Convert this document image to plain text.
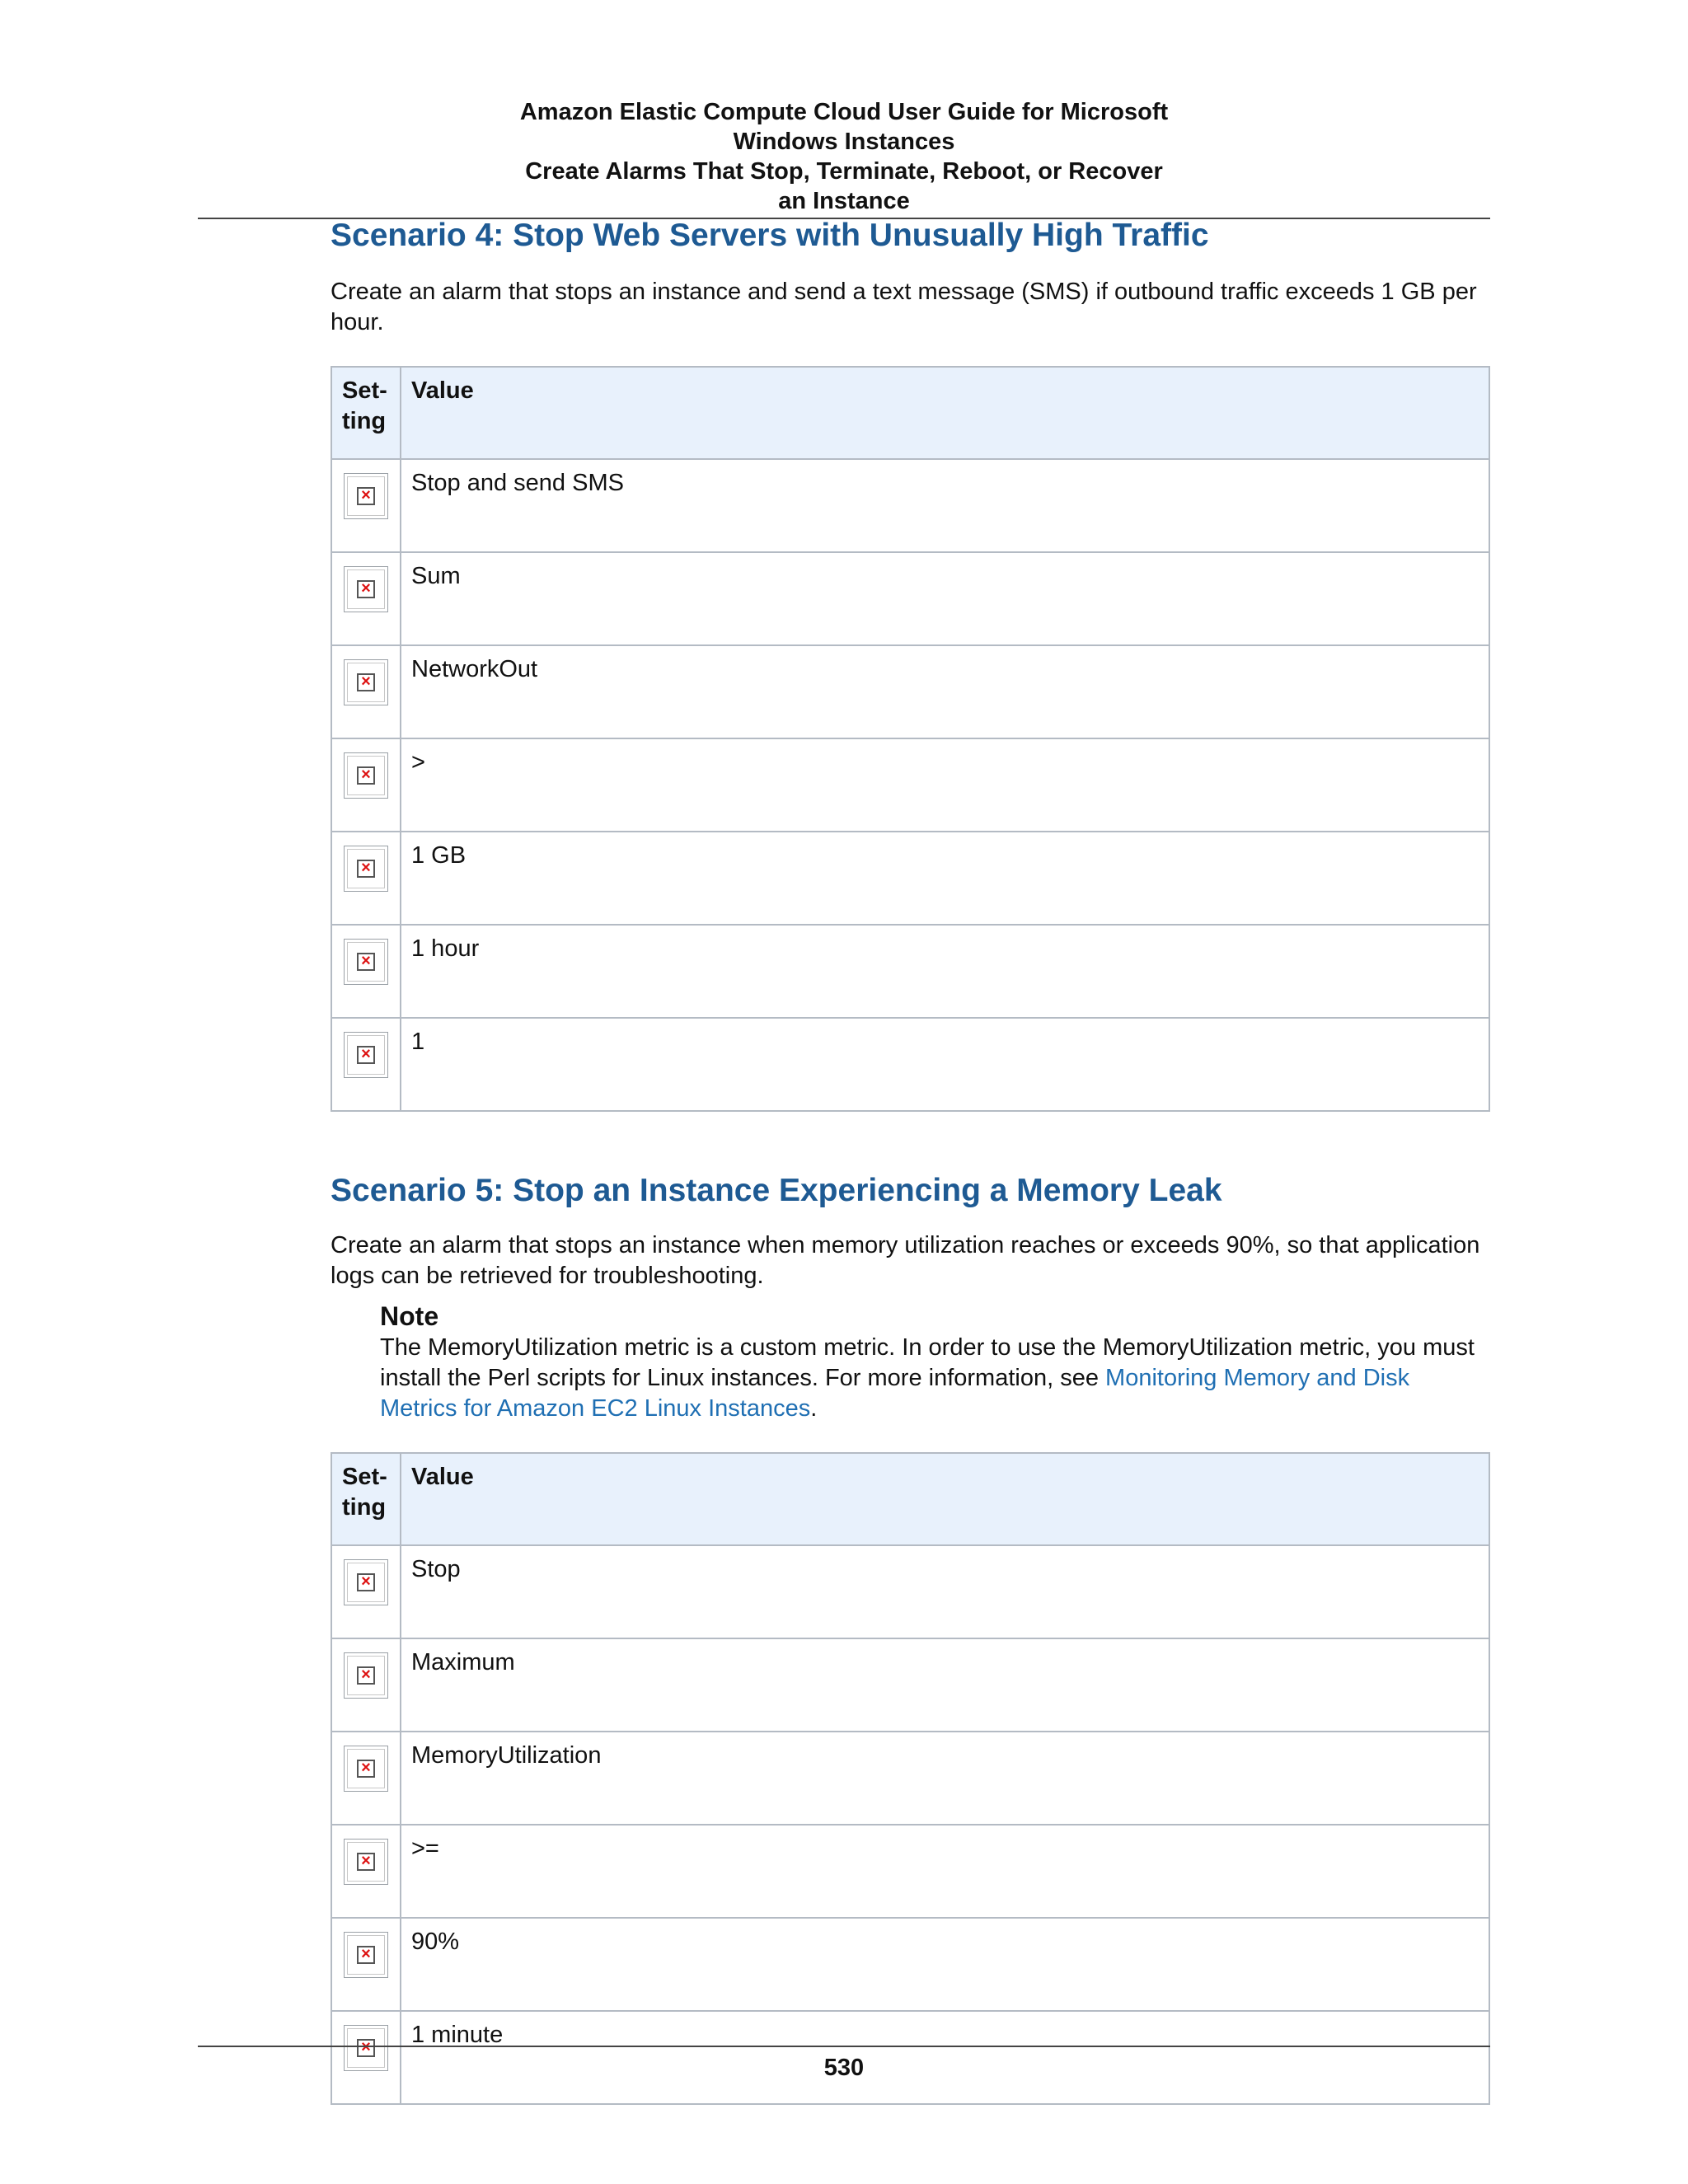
Amazon Elastic Compute Cloud User Guide for Microsoft
Windows Instances
Create Alarms That Stop, Terminate, Reboot, or Recover
an Instance
Scenario 4: Stop Web Servers with Unusually High Traffic

Create an alarm that stops an instance and send a text message (SMS) if outbound traffic exceeds 1 GB per hour.

Set-
ting	Value

×	Stop and send SMS

×	Sum

×	NetworkOut

×	>

×	1 GB

×	1 hour

×	1
Scenario 5: Stop an Instance Experiencing a Memory Leak

Create an alarm that stops an instance when memory utilization reaches or exceeds 90%, so that application logs can be retrieved for troubleshooting.

Note
The MemoryUtilization metric is a custom metric. In order to use the MemoryUtilization metric, you must install the Perl scripts for Linux instances. For more information, see Monitoring Memory and Disk Metrics for Amazon EC2 Linux Instances.
Set-
ting	Value

×	Stop

×	Maximum

×	MemoryUtilization

×	>=

×	90%

×	1 minute
530
